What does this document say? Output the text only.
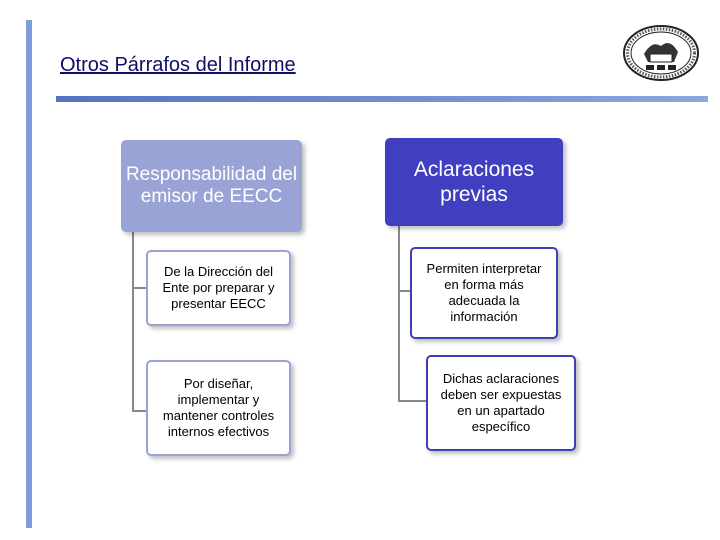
Otros Párrafos del Informe
Responsabilidad del emisor de EECC
De la Dirección del Ente por preparar y presentar EECC
Por diseñar, implementar y mantener controles internos efectivos
Aclaraciones previas
Permiten interpretar en forma más adecuada la información
Dichas aclaraciones deben ser expuestas en un apartado específico
